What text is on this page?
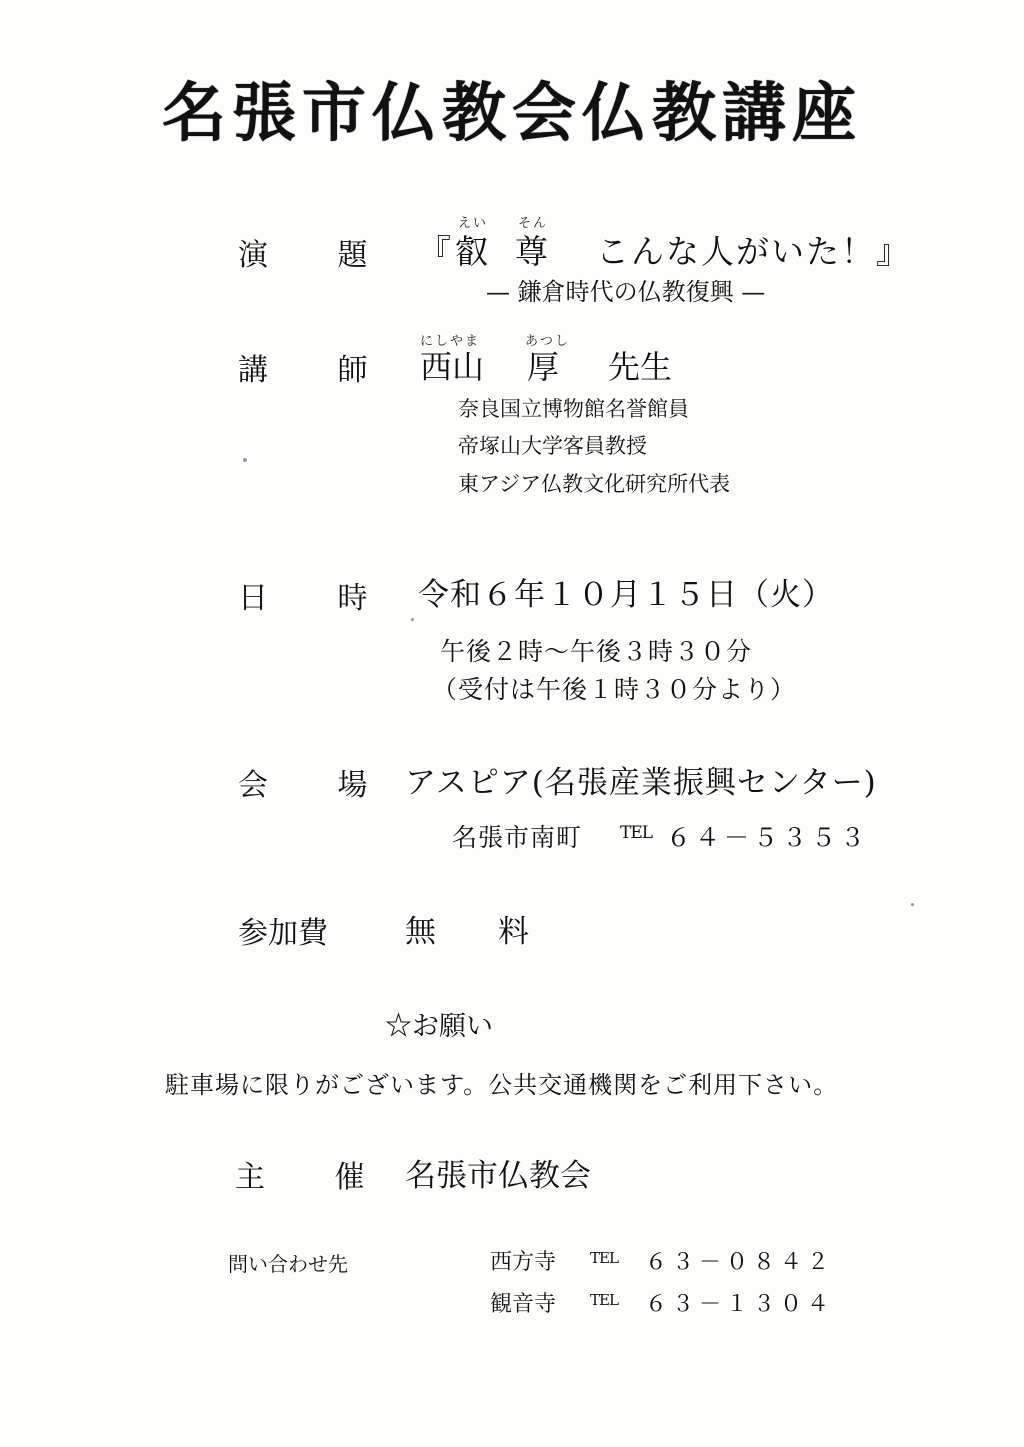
名張市仏教会仏教講座
演 題
えい そん
『 叡 尊 こんな人がいた！』
— 鎌倉時代の仏教復興 —
講 師
にしやま	あつし
西山 厚 先生
奈良国立博物館名誉館員
帝塚山大学客員教授
東アジア仏教文化研究所代表
日 時 令和６年１０月１５日（火）
午後２時～午後３時３０分
（受付は午後１時３０分より）
会 場 アスピア(名張産業振興センター)
名張市南町 TEL ６４－５３５３
参加費 無　　料
☆お願い
駐車場に限りがございます。公共交通機関をご利用下さい。
主 催 名張市仏教会
問い合わせ先	西方寺 TEL ６３－０８４２
観音寺 TEL ６３－１３０４
